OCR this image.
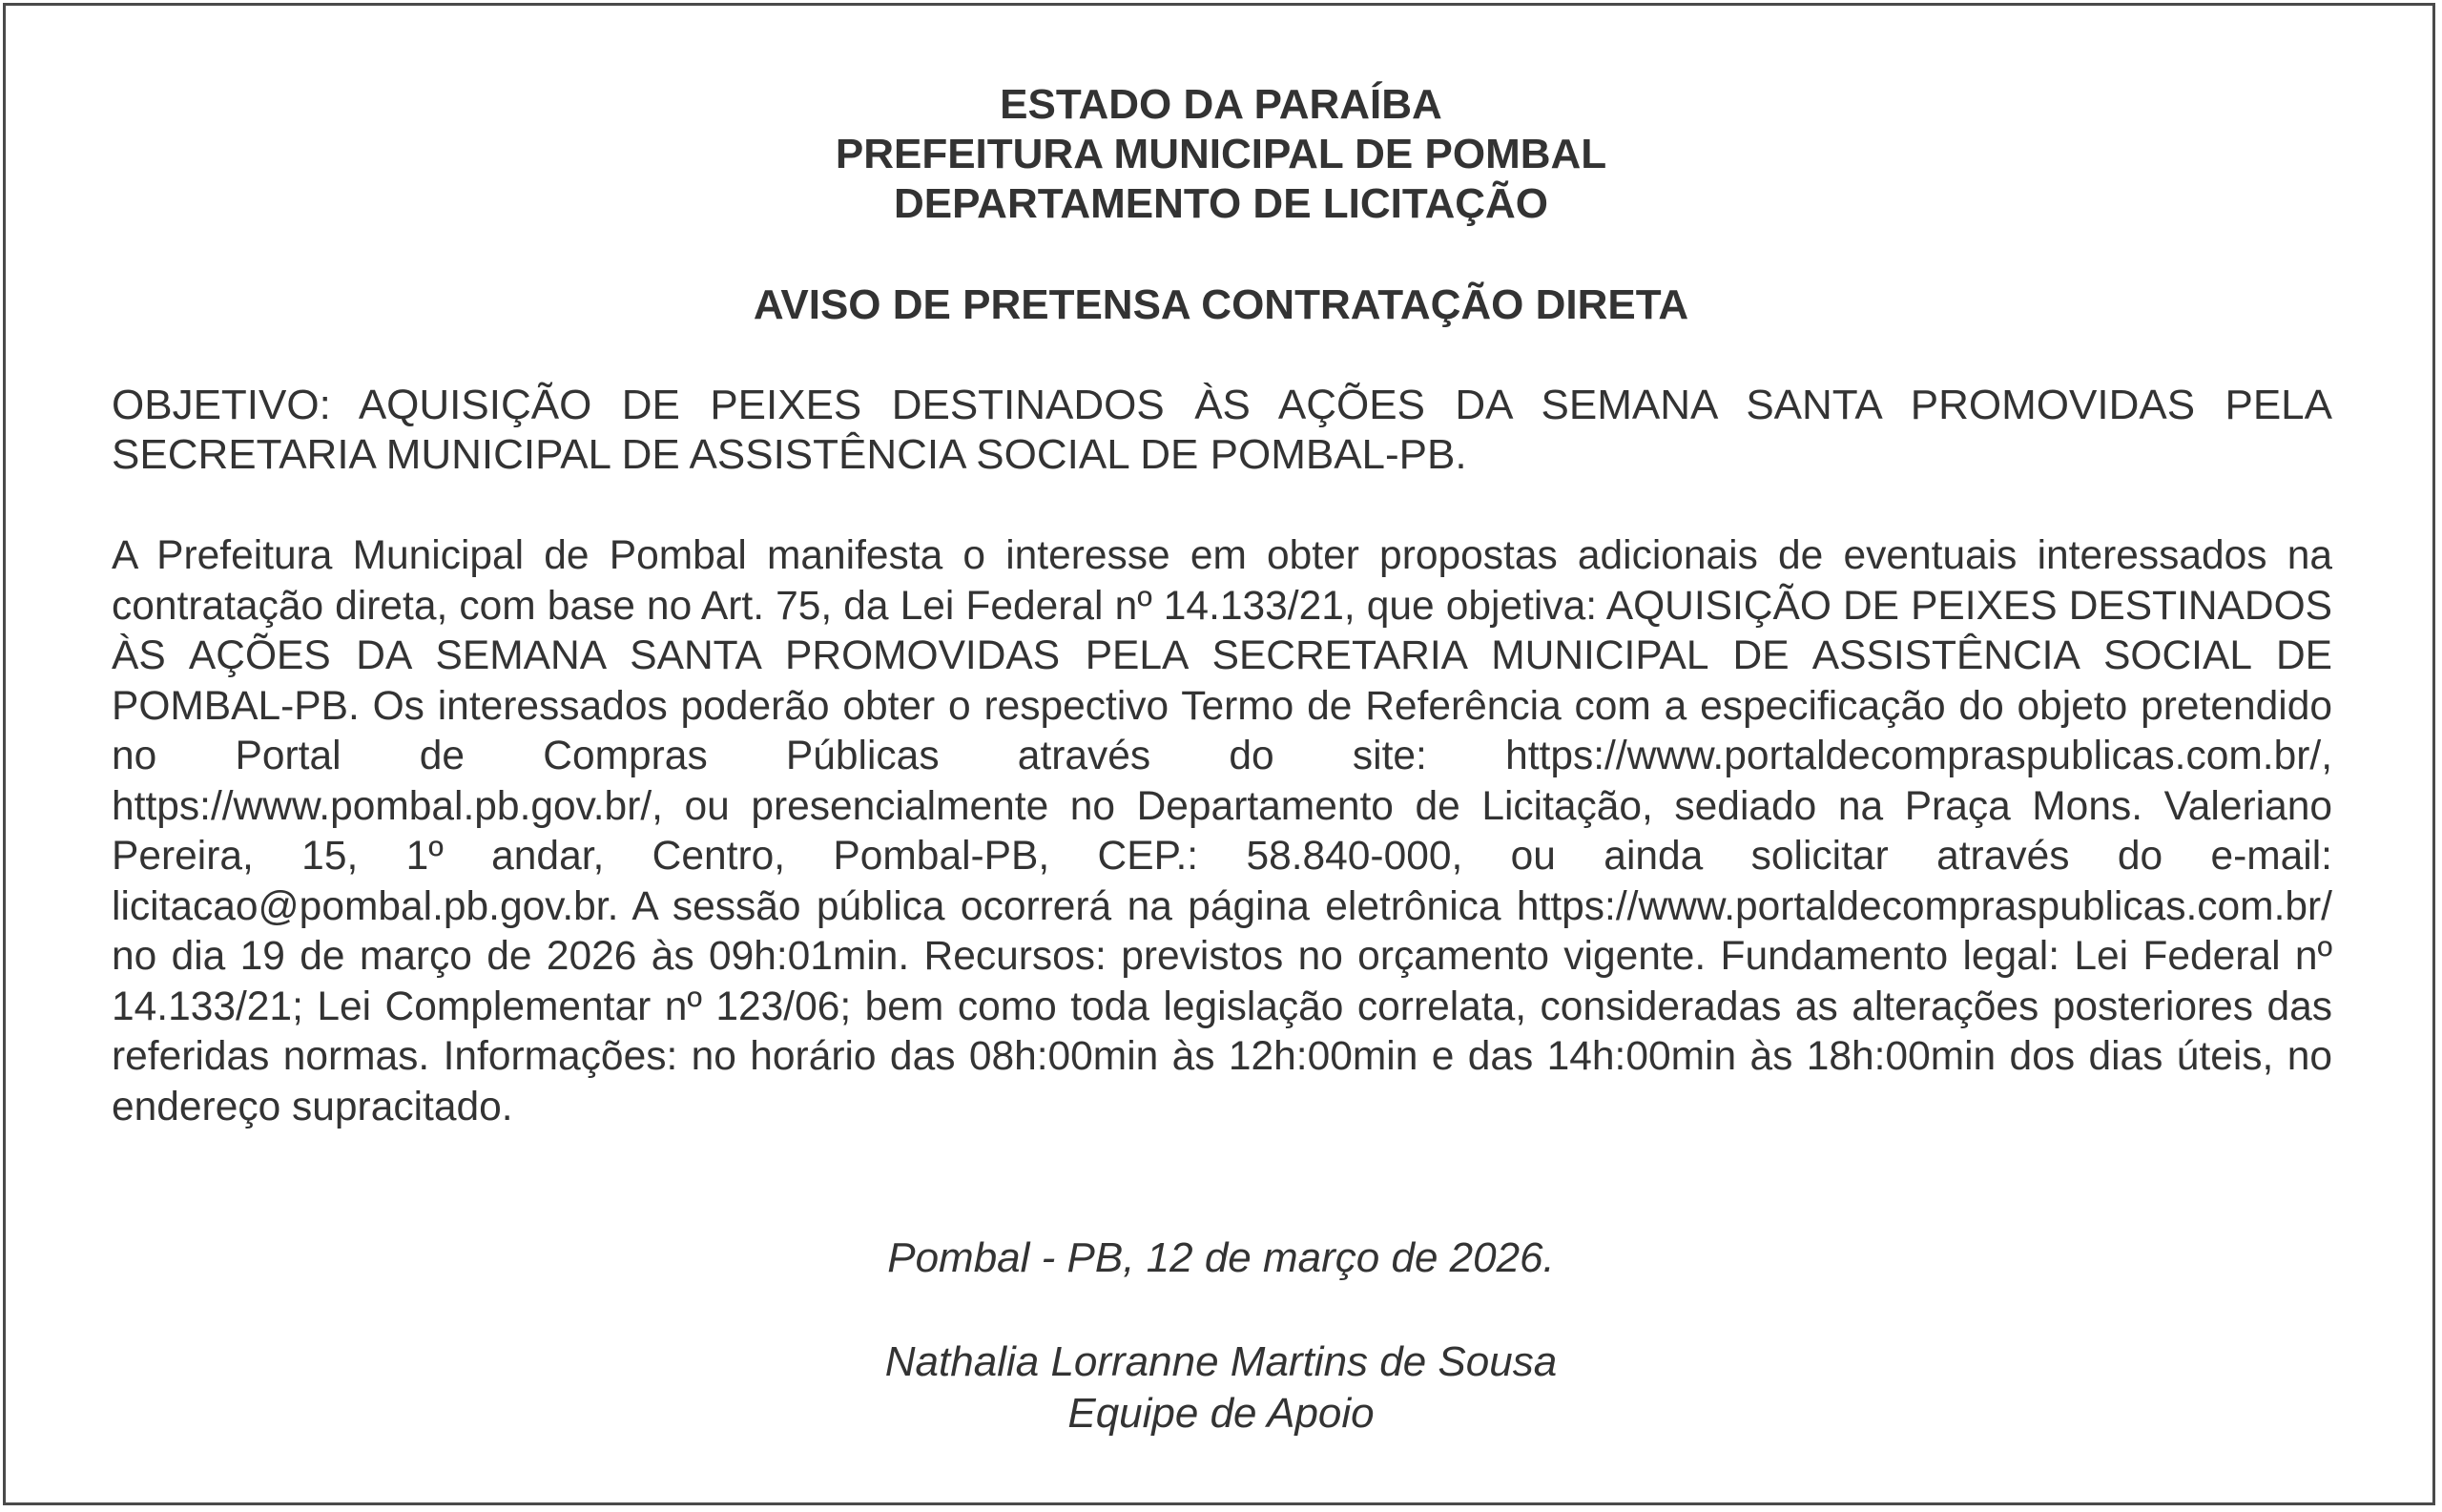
ESTADO DA PARAÍBA
PREFEITURA MUNICIPAL DE POMBAL
DEPARTAMENTO DE LICITAÇÃO
AVISO DE PRETENSA CONTRATAÇÃO DIRETA
OBJETIVO: AQUISIÇÃO DE PEIXES DESTINADOS ÀS AÇÕES DA SEMANA SANTA PROMOVIDAS PELA SECRETARIA MUNICIPAL DE ASSISTÊNCIA SOCIAL DE POMBAL-PB.
A Prefeitura Municipal de Pombal manifesta o interesse em obter propostas adicionais de eventuais interessados na contratação direta, com base no Art. 75, da Lei Federal nº 14.133/21, que objetiva: AQUISIÇÃO DE PEIXES DESTINADOS ÀS AÇÕES DA SEMANA SANTA PROMOVIDAS PELA SECRETARIA MUNICIPAL DE ASSISTÊNCIA SOCIAL DE POMBAL-PB. Os interessados poderão obter o respectivo Termo de Referência com a especificação do objeto pretendido no Portal de Compras Públicas através do site: https://www.portaldecompraspublicas.com.br/, https://www.pombal.pb.gov.br/, ou presencialmente no Departamento de Licitação, sediado na Praça Mons. Valeriano Pereira, 15, 1º andar, Centro, Pombal-PB, CEP.: 58.840-000, ou ainda solicitar através do e-mail: licitacao@pombal.pb.gov.br. A sessão pública ocorrerá na página eletrônica https://www.portaldecompraspublicas.com.br/ no dia 19 de março de 2026 às 09h:01min. Recursos: previstos no orçamento vigente. Fundamento legal: Lei Federal nº 14.133/21; Lei Complementar nº 123/06; bem como toda legislação correlata, consideradas as alterações posteriores das referidas normas. Informações: no horário das 08h:00min às 12h:00min e das 14h:00min às 18h:00min dos dias úteis, no endereço supracitado.
Pombal - PB, 12 de março de 2026.
Nathalia Lorranne Martins de Sousa
Equipe de Apoio
